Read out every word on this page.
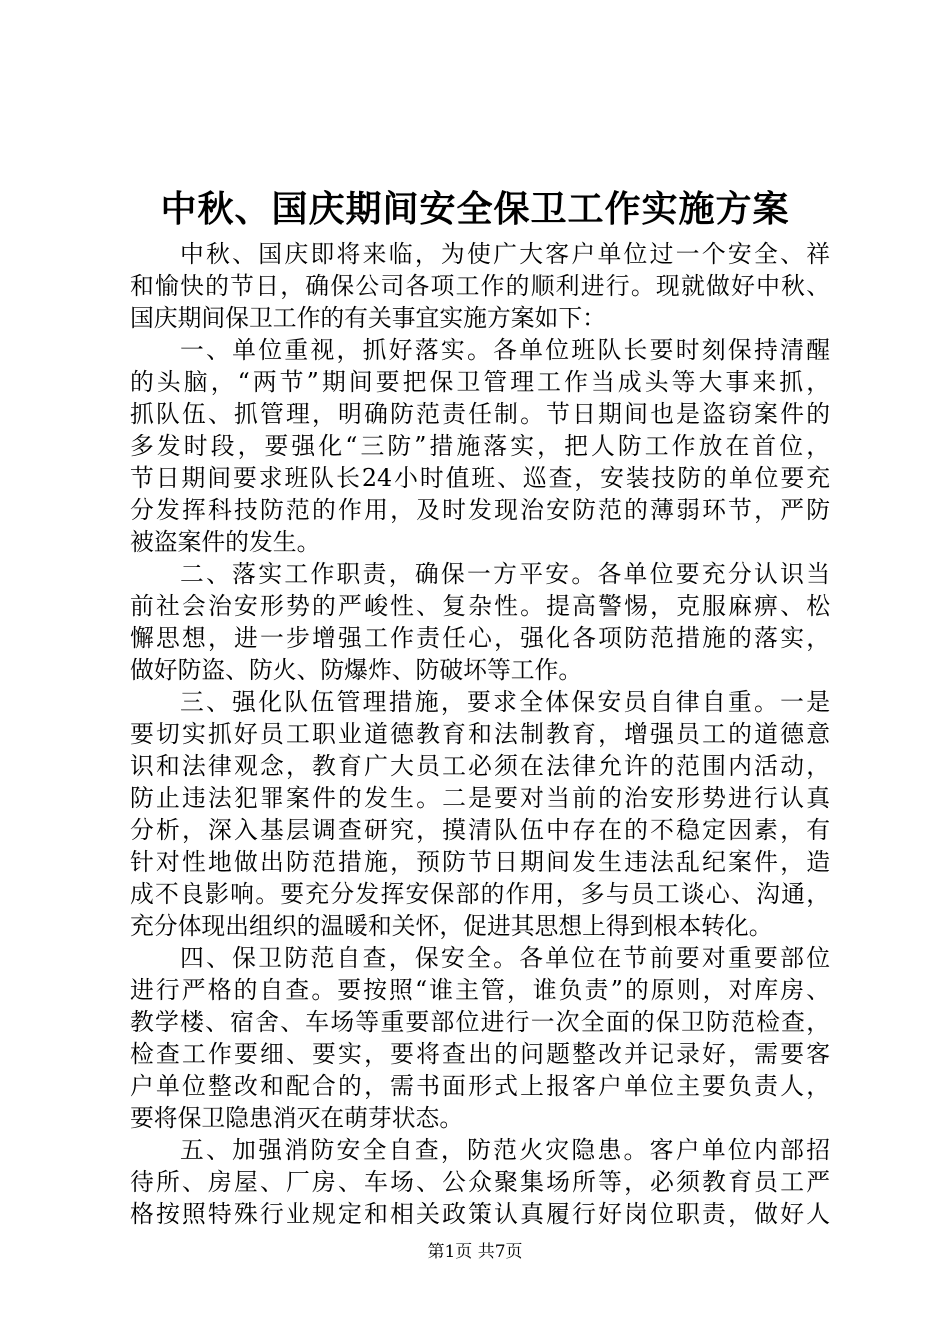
中秋、国庆期间安全保卫工作实施方案
中秋、国庆即将来临，为使广大客户单位过一个安全、祥
和愉快的节日，确保公司各项工作的顺利进行。现就做好中秋、
国庆期间保卫工作的有关事宜实施方案如下：
一、单位重视，抓好落实。各单位班队长要时刻保持清醒
的头脑，“两节”期间要把保卫管理工作当成头等大事来抓，
抓队伍、抓管理，明确防范责任制。节日期间也是盗窃案件的
多发时段，要强化“三防”措施落实，把人防工作放在首位，
节日期间要求班队长24小时值班、巡查，安装技防的单位要充
分发挥科技防范的作用，及时发现治安防范的薄弱环节，严防
被盗案件的发生。
二、落实工作职责，确保一方平安。各单位要充分认识当
前社会治安形势的严峻性、复杂性。提高警惕，克服麻痹、松
懈思想，进一步增强工作责任心，强化各项防范措施的落实，
做好防盗、防火、防爆炸、防破坏等工作。
三、强化队伍管理措施，要求全体保安员自律自重。一是
要切实抓好员工职业道德教育和法制教育，增强员工的道德意
识和法律观念，教育广大员工必须在法律允许的范围内活动，
防止违法犯罪案件的发生。二是要对当前的治安形势进行认真
分析，深入基层调查研究，摸清队伍中存在的不稳定因素，有
针对性地做出防范措施，预防节日期间发生违法乱纪案件，造
成不良影响。要充分发挥安保部的作用，多与员工谈心、沟通，
充分体现出组织的温暖和关怀，促进其思想上得到根本转化。
四、保卫防范自查，保安全。各单位在节前要对重要部位
进行严格的自查。要按照“谁主管，谁负责”的原则，对库房、
教学楼、宿舍、车场等重要部位进行一次全面的保卫防范检查，
检查工作要细、要实，要将查出的问题整改并记录好，需要客
户单位整改和配合的，需书面形式上报客户单位主要负责人，
要将保卫隐患消灭在萌芽状态。
五、加强消防安全自查，防范火灾隐患。客户单位内部招
待所、房屋、厂房、车场、公众聚集场所等，必须教育员工严
格按照特殊行业规定和相关政策认真履行好岗位职责，做好人
第1页 共7页
